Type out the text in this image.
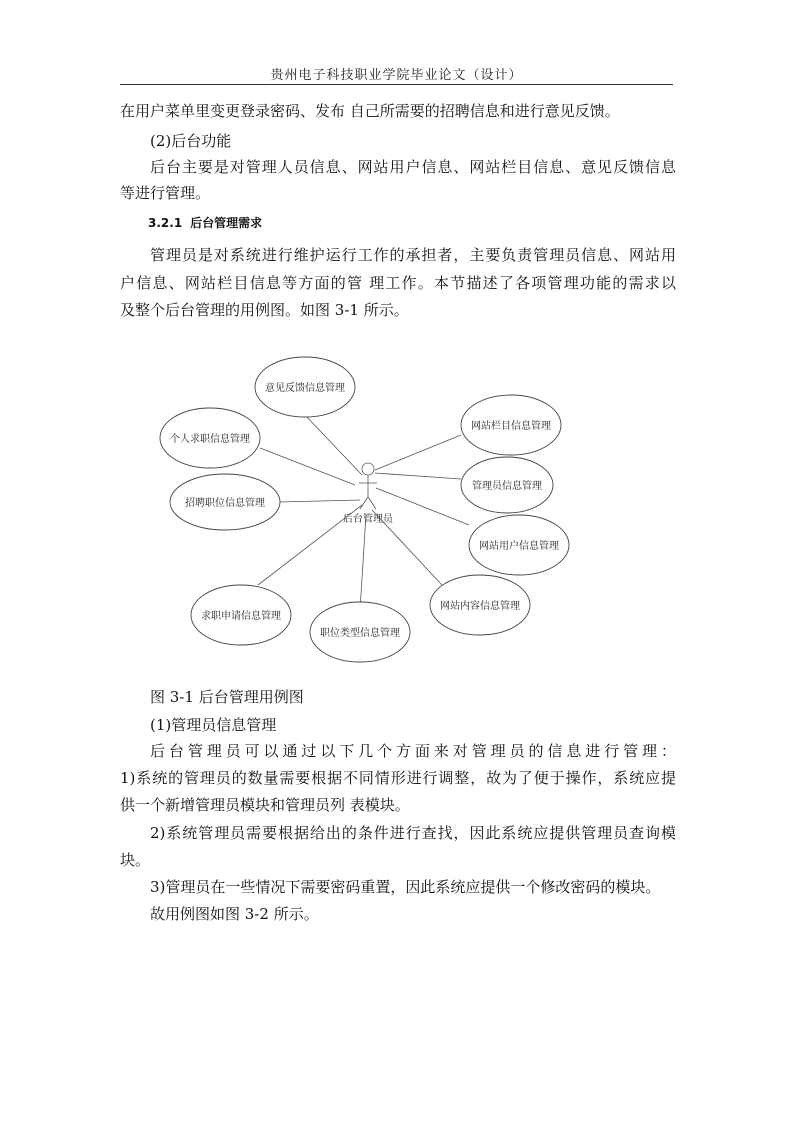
贵州电子科技职业学院毕业论文（设计）
在用户菜单里变更登录密码、发布 自己所需要的招聘信息和进行意见反馈。
(2)后台功能
后台主要是对管理人员信息、网站用户信息、网站栏目信息、意见反馈信息
等进行管理。
3.2.1 后台管理需求
管理员是对系统进行维护运行工作的承担者，主要负责管理员信息、网站用
户信息、网站栏目信息等方面的管 理工作。本节描述了各项管理功能的需求以
及整个后台管理的用例图。如图 3-1 所示。
后台管理员
意见反馈信息管理
个人求职信息管理
招聘职位信息管理
求职申请信息管理
职位类型信息管理
网站内容信息管理
网站栏目信息管理
管理员信息管理
网站用户信息管理
图 3-1 后台管理用例图
(1)管理员信息管理
后台管理员可以通过以下几个方面来对管理员的信息进行管理：
1)系统的管理员的数量需要根据不同情形进行调整，故为了便于操作，系统应提
供一个新增管理员模块和管理员列 表模块。
2)系统管理员需要根据给出的条件进行查找，因此系统应提供管理员查询模
块。
3)管理员在一些情况下需要密码重置，因此系统应提供一个修改密码的模块。
故用例图如图 3-2 所示。
